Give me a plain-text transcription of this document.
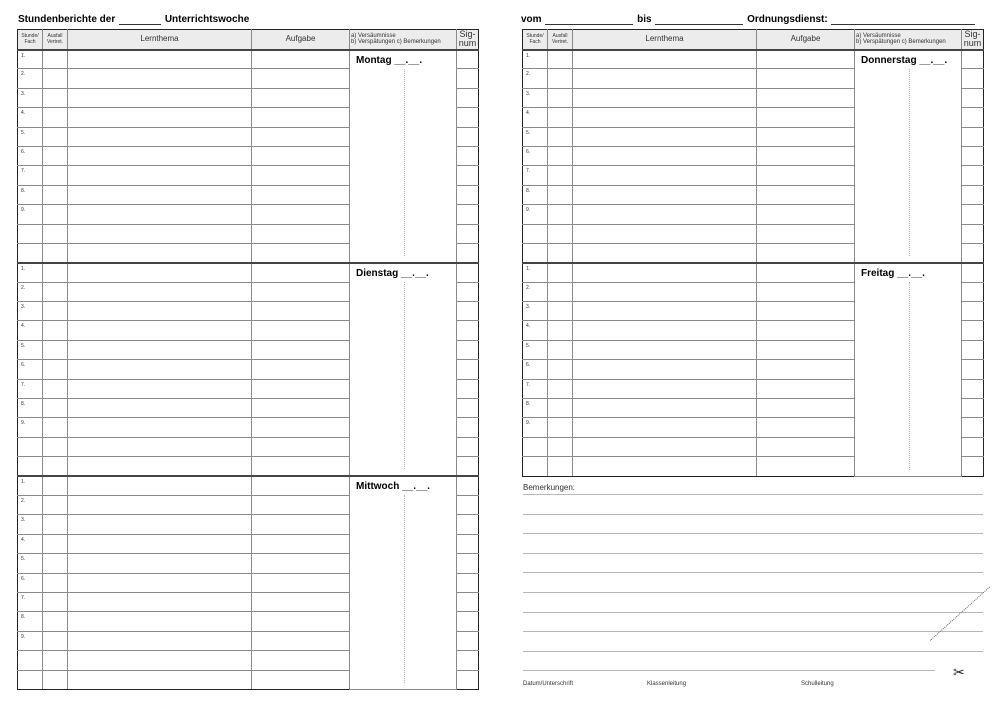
Stundenberichte der	Unterrichtswoche	vom	bis	Ordnungsdienst:
Stunde/ Fach	Ausfall Vertret.	Lernthema	Aufgabe	a) Versäumnisse
b) Verspätungen c) Bemerkungen	Sig- num

1.				Montag __.__.	

2.					

3.					

4.					

5.					

6.					

7.					

8.					

9.					

1.				Dienstag __.__.	

2.					

3.					

4.					

5.					

6.					

7.					

8.					

9.					

1.				Mittwoch __.__.	

2.					

3.					

4.					

5.					

6.					

7.					

8.					

9.					

Stunde/ Fach	Ausfall Vertret.	Lernthema	Aufgabe	a) Versäumnisse
b) Verspätungen c) Bemerkungen	Sig- num

1.				Donnerstag __.__.	

2.					

3.					

4.					

5.					

6.					

7.					

8.					

9.					

1.				Freitag __.__.	

2.					

3.					

4.					

5.					

6.					

7.					

8.					

9.					

Bemerkungen:
Datum/Unterschrift	Klassenleitung	Schulleitung
✂
